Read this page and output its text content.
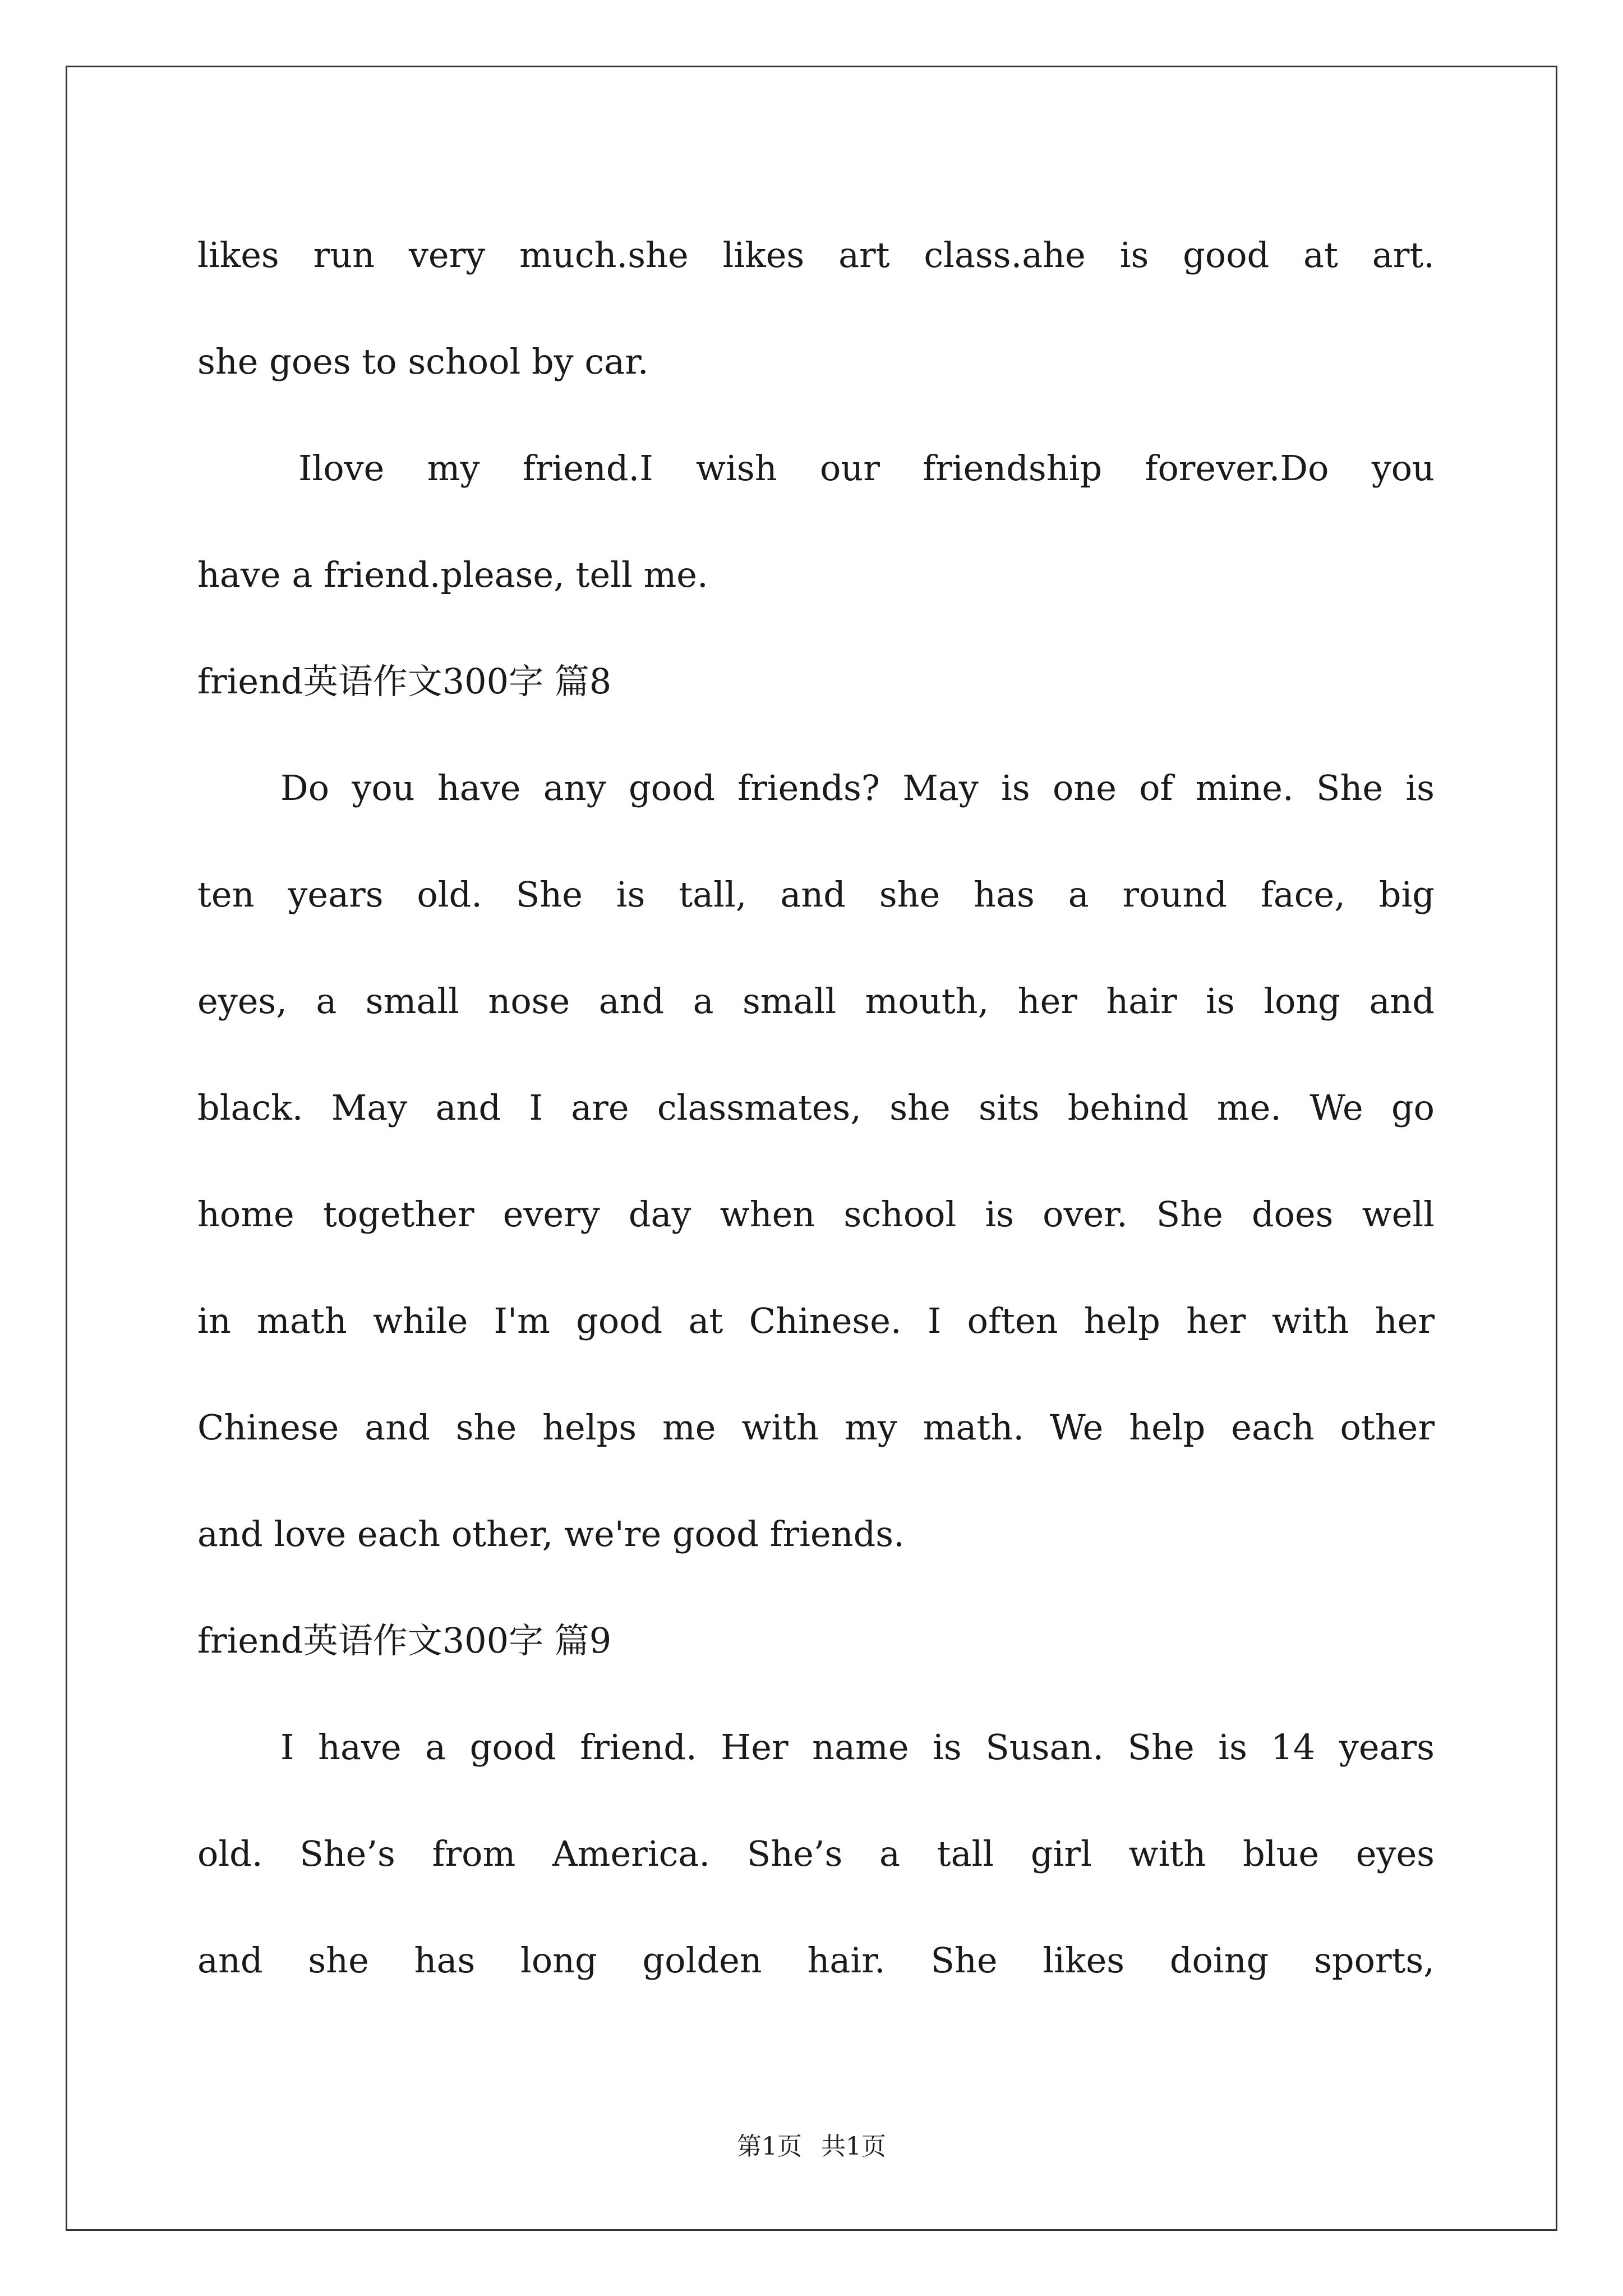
likes run very much.she likes art class.ahe is good at art.
she goes to school by car.
Ilove my friend.I wish our friendship forever.Do you
have a friend.please, tell me.
friend英语作文300字 篇8
Do you have any good friends? May is one of mine. She is
ten years old. She is tall, and she has a round face, big
eyes, a small nose and a small mouth, her hair is long and
black. May and I are classmates, she sits behind me. We go
home together every day when school is over. She does well
in math while I'm good at Chinese. I often help her with her
Chinese and she helps me with my math. We help each other
and love each other, we're good friends.
friend英语作文300字 篇9
I have a good friend. Her name is Susan. She is 14 years
old. She’s from America. She’s a tall girl with blue eyes
and she has long golden hair. She likes doing sports,
第1页 共1页
